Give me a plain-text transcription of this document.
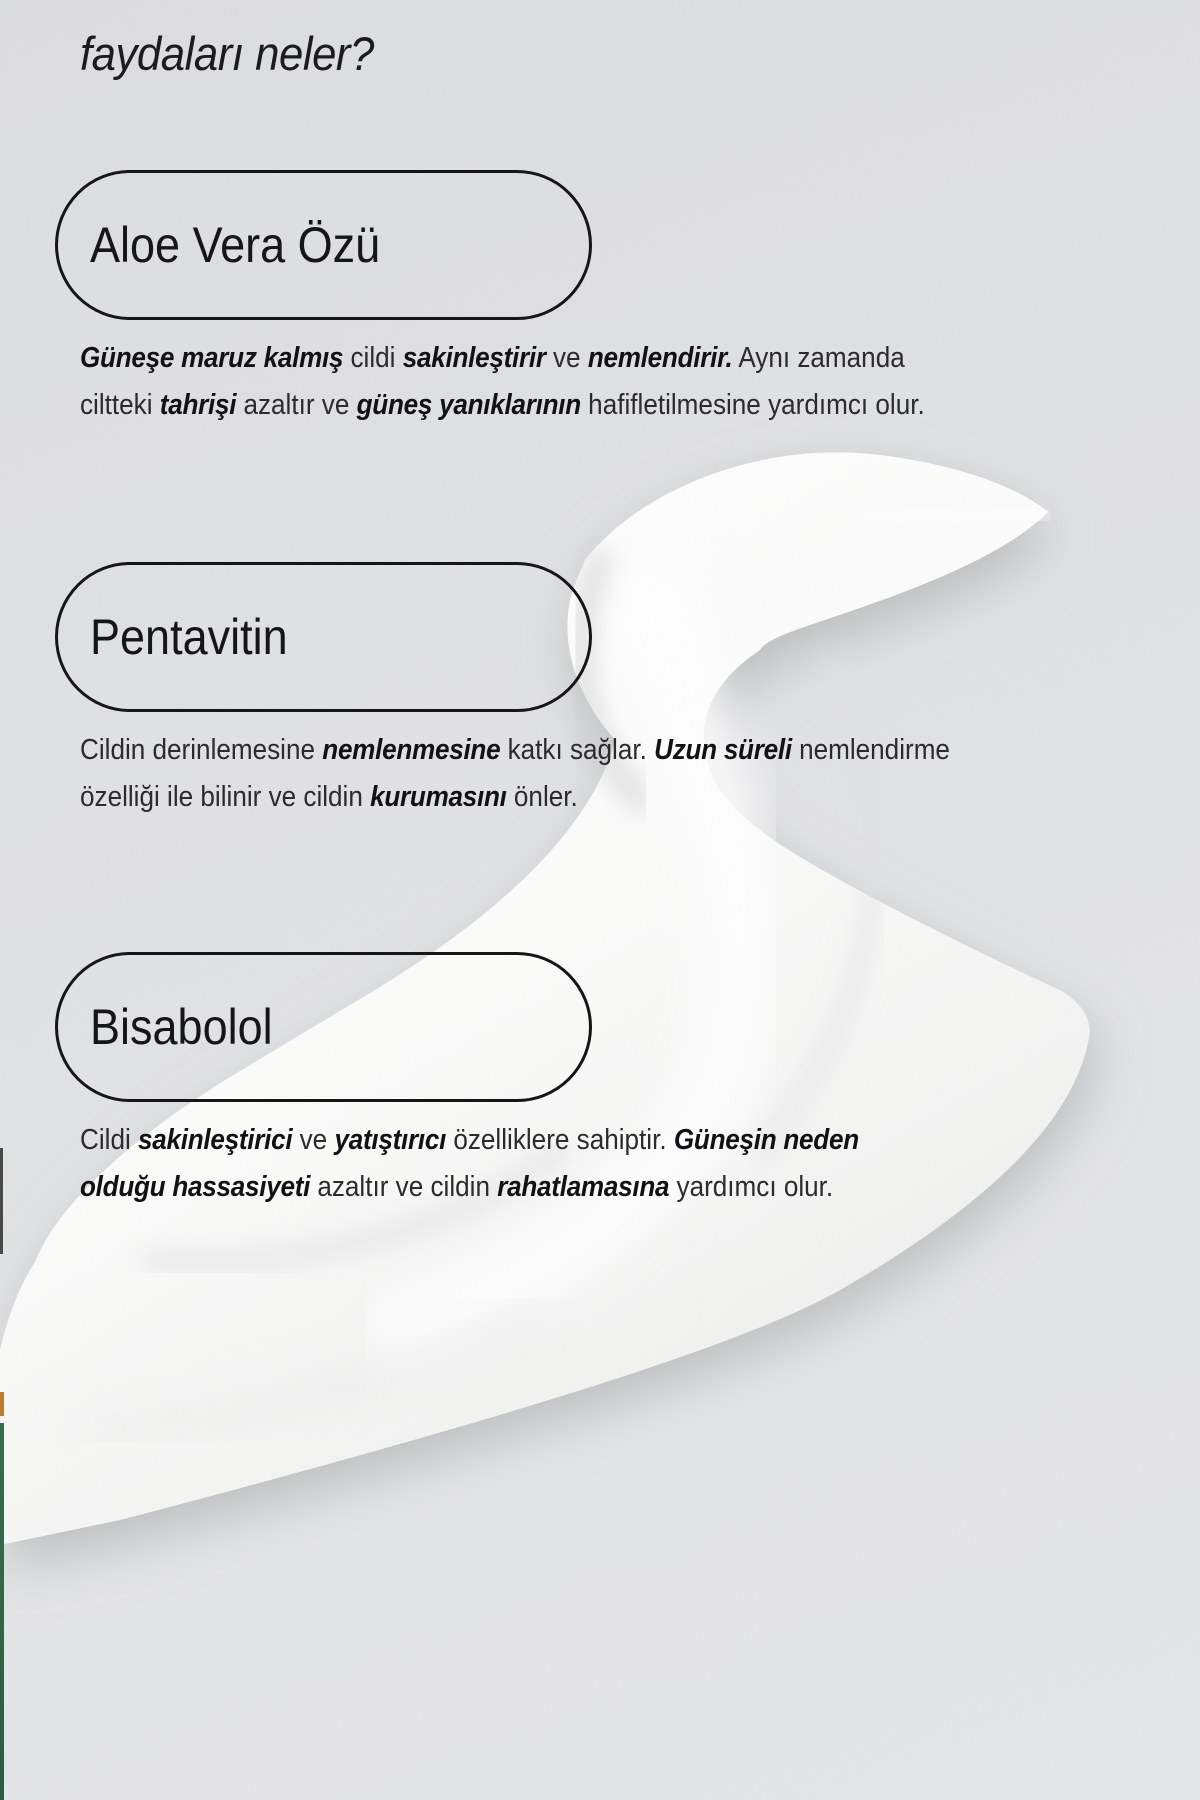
faydaları neler?
Aloe Vera Özü
Güneşe maruz kalmış cildi sakinleştirir ve nemlendirir. Aynı zamanda
ciltteki tahrişi azaltır ve güneş yanıklarının hafifletilmesine yardımcı olur.
Pentavitin
Cildin derinlemesine nemlenmesine katkı sağlar. Uzun süreli nemlendirme
özelliği ile bilinir ve cildin kurumasını önler.
Bisabolol
Cildi sakinleştirici ve yatıştırıcı özelliklere sahiptir. Güneşin neden
olduğu hassasiyeti azaltır ve cildin rahatlamasına yardımcı olur.
